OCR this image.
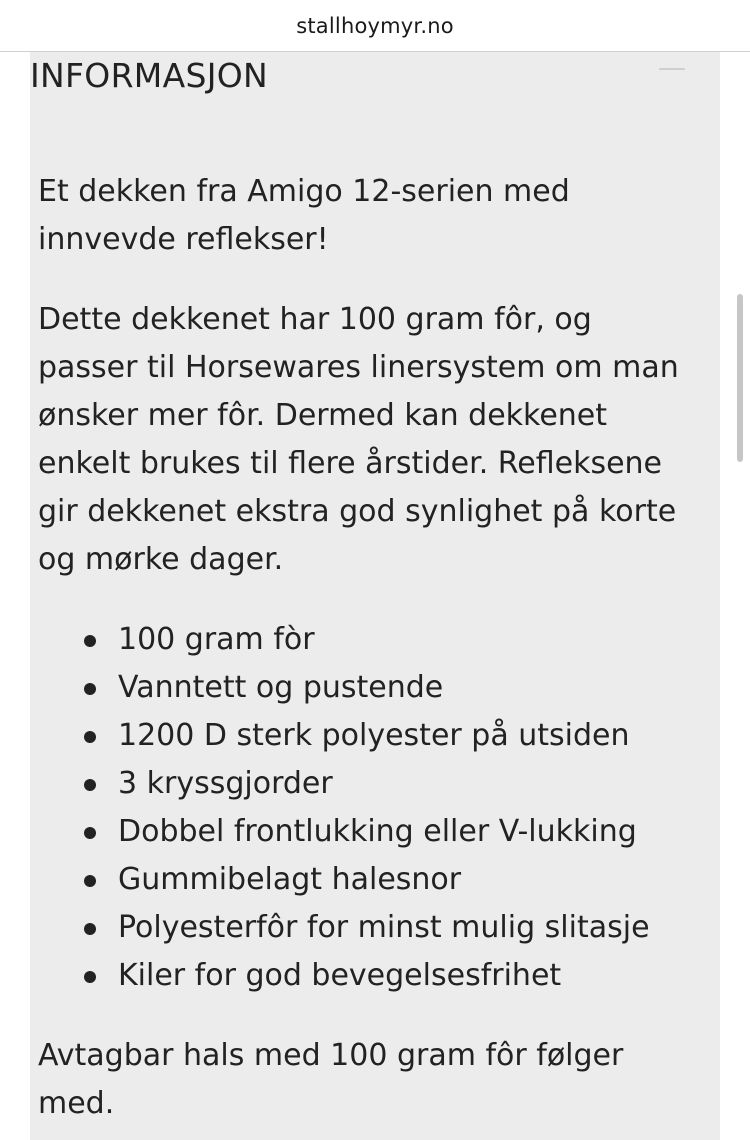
stallhoymyr.no
INFORMASJON

Et dekken fra Amigo 12-serien med innvevde reflekser!

Dette dekkenet har 100 gram fôr, og passer til Horsewares linersystem om man ønsker mer fôr. Dermed kan dekkenet enkelt brukes til flere årstider. Refleksene gir dekkenet ekstra god synlighet på korte og mørke dager.

100 gram fòr
Vanntett og pustende
1200 D sterk polyester på utsiden
3 kryssgjorder
Dobbel frontlukking eller V-lukking
Gummibelagt halesnor
Polyesterfôr for minst mulig slitasje
Kiler for god bevegelsesfrihet

Avtagbar hals med 100 gram fôr følger med.
